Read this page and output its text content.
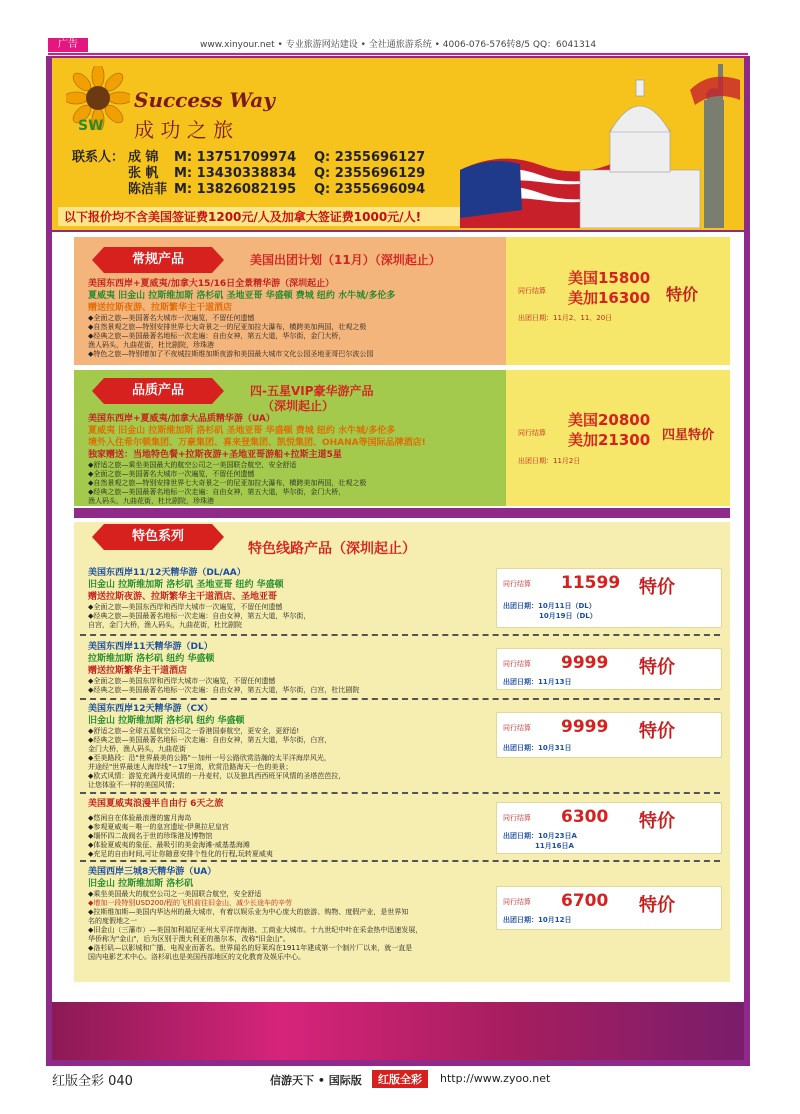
广告	www.xinyour.net • 专业旅游网站建设 • 全社通旅游系统 • 4006-076-576转8/5 QQ：6041314
Success Way
SW 成 功 之 旅
联系人： 成 锦 M: 13751709974 Q: 2355696127
张 帆 M: 13430338834 Q: 2355696129
陈洁菲 M: 13826082195 Q: 2355696094
以下报价均不含美国签证费1200元/人及加拿大签证费1000元/人!
常规产品	美国出团计划（11月）（深圳起止）
美国东西岸+夏威夷/加拿大15/16日全景精华游（深圳起止）
夏威夷 旧金山 拉斯维加斯 洛杉矶 圣地亚哥 华盛顿 费城 纽约 水牛城/多伦多
赠送拉斯夜游、拉斯繁华主干道酒店
◆全面之旅—美国著名大城市一次遍览，不留任何遗憾
◆自然景观之旅—特别安排世界七大奇景之一的尼亚加拉大瀑布，横跨美加两国，壮观之极
◆经典之旅—美国最著名地标一次走遍：自由女神，第五大道，华尔街，金门大桥，
渔人码头，九曲花街，杜比剧院，珍珠港
◆特色之旅—特别增加了不夜城拉斯维加斯夜游和美国最大城市文化公园圣地亚哥巴尔波公园
同行结算
美国15800
美加16300 特价
出团日期：11月2、11、20日
品质产品	四-五星VIP豪华游产品
（深圳起止）
美国东西岸+夏威夷/加拿大品质精华游（UA）
夏威夷 旧金山 拉斯维加斯 洛杉矶 圣地亚哥 华盛顿 费城 纽约 水牛城/多伦多
境外入住希尔顿集团、万豪集团、喜来登集团、凯悦集团、OHANA等国际品牌酒店!
独家赠送：当地特色餐+拉斯夜游+圣地亚哥游船+拉斯主道5星
◆舒适之旅—乘坐美国最大的航空公司之一美国联合航空，安全舒适
◆全面之旅—美国著名大城市一次遍览，不留任何遗憾
◆自然景观之旅—特别安排世界七大奇景之一的尼亚加拉大瀑布，横跨美加两国，壮观之极
◆经典之旅—美国最著名地标一次走遍：自由女神，第五大道，华尔街，金门大桥，
渔人码头，九曲花街，杜比剧院，珍珠港
同行结算
美国20800
美加21300 四星特价
出团日期：11月2日
特色系列
特色线路产品（深圳起止）
美国东西岸11/12天精华游（DL/AA）
旧金山 拉斯维加斯 洛杉矶 圣地亚哥 纽约 华盛顿
赠送拉斯夜游、拉斯繁华主干道酒店、圣地亚哥
◆全面之旅—美国东西岸和西岸大城市一次遍览，不留任何遗憾
◆经典之旅—美国最著名地标一次走遍：自由女神，第五大道，华尔街，
自宫，金门大桥，渔人码头，九曲花街，杜比剧院
同行结算 11599 特价
出团日期：10月11日（DL）
10月19日（DL）
美国东西岸11天精华游（DL）
拉斯维加斯 洛杉矶 纽约 华盛顿
赠送拉斯繁华主干道酒店
◆全面之旅—美国东岸和西岸大城市一次遍览，不留任何遗憾
◆经典之旅—美国最著名地标一次走遍：自由女神，第五大道，华尔街，白宫，杜比剧院
同行结算 9999 特价
出团日期：11月13日
美国东西岸12天精华游（CX）
旧金山 拉斯维加斯 洛杉矶 纽约 华盛顿
◆舒适之旅—全球五星航空公司之一香港国泰航空，更安全，更舒适!
◆经典之旅—美国最著名地标一次走遍：自由女神，第五大道，华尔街，白宫，
金门大桥，渔人码头，九曲花街
◆至美路段：沿"世界最美的公路"－加州一号公路欣赏浩瀚的太平洋海岸风光，
并途经"世界最迷人海岸线"－17里湾，欣赏沿路海天一色的美景；
◆欧式风情：游览充满丹麦风情的－丹麦村，以及独具西西班牙风情的圣塔芭芭拉，
让您体验不一样的美国风情；
同行结算 9999 特价
出团日期：10月31日
美国夏威夷浪漫半自由行 6天之旅
◆悠闲自在体验最浪漫的蜜月海岛
◆参观夏威夷－唯一的皇宫遗址-伊奥拉尼皇宫
◆缅怀四二战阀名于世的珍珠港及博物馆
◆体验夏威夷的象征、最吸引的美金海滩-威基基海滩
◆充足的自由时间,可让你随意安排个性化的行程,玩转夏威夷
同行结算 6300 特价
出团日期：10月23日A
11月16日A
美国西岸三城8天精华游（UA）
旧金山 拉斯维加斯 洛杉矶
◆乘坐美国最大的航空公司之一美国联合航空，安全舒适
◆增加一段特别USD200/程的飞机前往旧金山，减少长途车的辛劳
◆拉斯维加斯—美国内华达州的最大城市，有着以娱乐业为中心庞大的旅游、购物、度假产业，是世界知
名的度假地之一
◆旧金山（三藩市）—美国加利福尼亚州太平洋岸海港、工商业大城市。十九世纪中叶在采金热中迅速发展，
华侨称为"金山"，后为区别于澳大利亚的墨尔本，改称"旧金山"。
◆洛杉矶—以影城和广播、电视业而著名。世界闻名的好莱坞在1911年建成第一个制片厂以来，就一直是
国内电影艺术中心。洛杉矶也是美国西部地区的文化教育及娱乐中心。
同行结算 6700 特价
出团日期：10月12日
红版全彩 040	信游天下 • 国际版	红版全彩	http://www.zyoo.net
